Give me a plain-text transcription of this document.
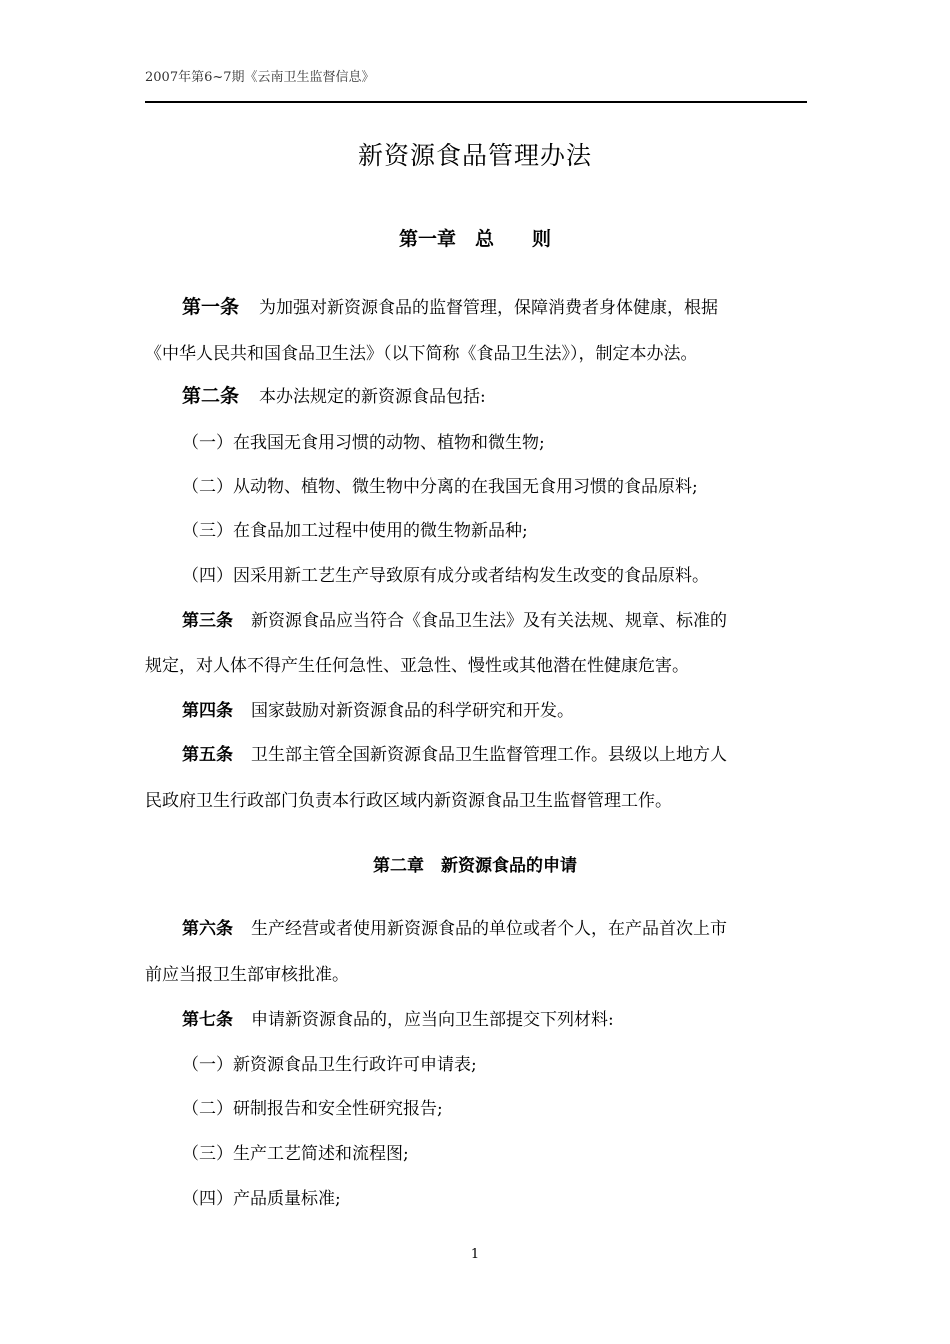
2007年第6~7期《云南卫生监督信息》
新资源食品管理办法
第一章　总　　则
第一条 为加强对新资源食品的监督管理，保障消费者身体健康，根据
《中华人民共和国食品卫生法》（以下简称《食品卫生法》），制定本办法。
第二条 本办法规定的新资源食品包括:
（一）在我国无食用习惯的动物、植物和微生物;
（二）从动物、植物、微生物中分离的在我国无食用习惯的食品原料;
（三）在食品加工过程中使用的微生物新品种;
（四）因采用新工艺生产导致原有成分或者结构发生改变的食品原料。
第三条 新资源食品应当符合《食品卫生法》及有关法规、规章、标准的
规定，对人体不得产生任何急性、亚急性、慢性或其他潜在性健康危害。
第四条 国家鼓励对新资源食品的科学研究和开发。
第五条 卫生部主管全国新资源食品卫生监督管理工作。县级以上地方人
民政府卫生行政部门负责本行政区域内新资源食品卫生监督管理工作。
第二章　新资源食品的申请
第六条 生产经营或者使用新资源食品的单位或者个人，在产品首次上市
前应当报卫生部审核批准。
第七条 申请新资源食品的，应当向卫生部提交下列材料:
（一）新资源食品卫生行政许可申请表;
（二）研制报告和安全性研究报告;
（三）生产工艺简述和流程图;
（四）产品质量标准;
1
